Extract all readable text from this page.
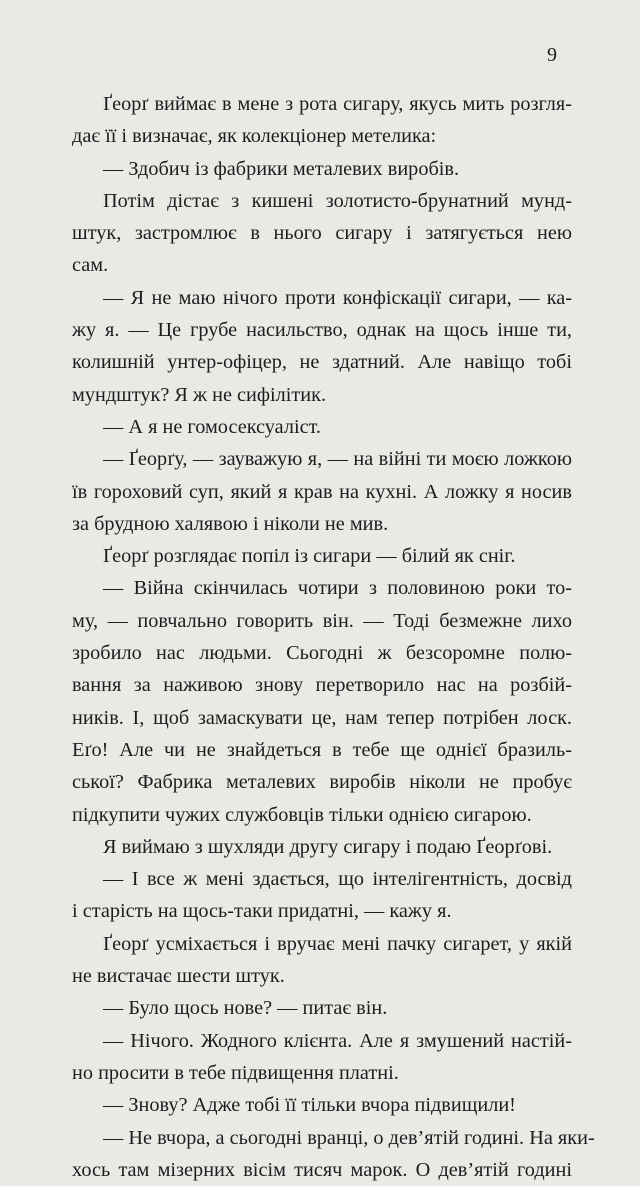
9
Ґеорґ виймає в мене з рота сигару, якусь мить розгля-
дає її і визначає, як колекціонер метелика:
— Здобич із фабрики металевих виробів.
Потім дістає з кишені золотисто-брунатний мунд-
штук, застромлює в нього сигару і затягується нею
сам.
— Я не маю нічого проти конфіскації сигари, — ка-
жу я. — Це грубе насильство, однак на щось інше ти,
колишній унтер-офіцер, не здатний. Але навіщо тобі
мундштук? Я ж не сифілітик.
— А я не гомосексуаліст.
— Ґеорґу, — зауважую я, — на війні ти моєю ложкою
їв гороховий суп, який я крав на кухні. А ложку я носив
за брудною халявою і ніколи не мив.
Ґеорґ розглядає попіл із сигари — білий як сніг.
— Війна скінчилась чотири з половиною роки то-
му, — повчально говорить він. — Тоді безмежне лихо
зробило нас людьми. Сьогодні ж безсоромне полю-
вання за наживою знову перетворило нас на розбій-
ників. І, щоб замаскувати це, нам тепер потрібен лоск.
Еґо! Але чи не знайдеться в тебе ще однієї бразиль-
ської? Фабрика металевих виробів ніколи не пробує
підкупити чужих службовців тільки однією сигарою.
Я виймаю з шухляди другу сигару і подаю Ґеорґові.
— І все ж мені здається, що інтелігентність, досвід
і старість на щось-таки придатні, — кажу я.
Ґеорґ усміхається і вручає мені пачку сигарет, у якій
не вистачає шести штук.
— Було щось нове? — питає він.
— Нічого. Жодного клієнта. Але я змушений настій-
но просити в тебе підвищення платні.
— Знову? Адже тобі її тільки вчора підвищили!
— Не вчора, а сьогодні вранці, о дев’ятій годині. На яки-
хось там мізерних вісім тисяч марок. О дев’ятій годині
